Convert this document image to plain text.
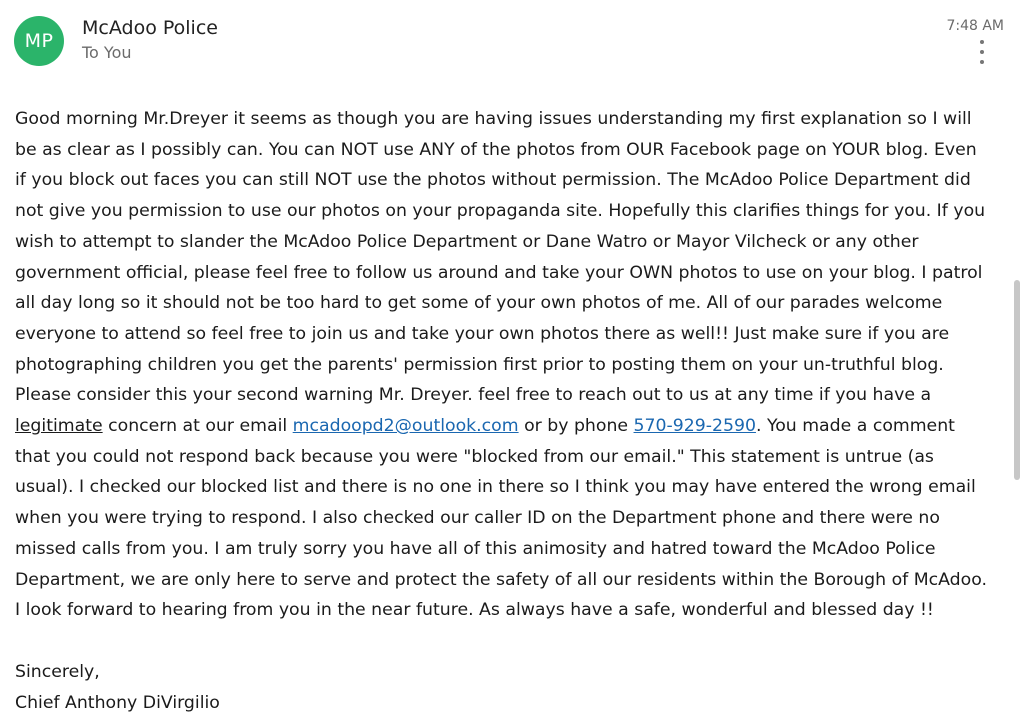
MP
McAdoo Police
To You
7:48 AM
Good morning Mr.Dreyer it seems as though you are having issues understanding my first explanation so I will
be as clear as I possibly can. You can NOT use ANY of the photos from OUR Facebook page on YOUR blog. Even
if you block out faces you can still NOT use the photos without permission. The McAdoo Police Department did
not give you permission to use our photos on your propaganda site. Hopefully this clarifies things for you. If you
wish to attempt to slander the McAdoo Police Department or Dane Watro or Mayor Vilcheck or any other
government official, please feel free to follow us around and take your OWN photos to use on your blog. I patrol
all day long so it should not be too hard to get some of your own photos of me. All of our parades welcome
everyone to attend so feel free to join us and take your own photos there as well!! Just make sure if you are
photographing children you get the parents' permission first prior to posting them on your un-truthful blog.
Please consider this your second warning Mr. Dreyer. feel free to reach out to us at any time if you have a
legitimate concern at our email mcadoopd2@outlook.com or by phone 570-929-2590. You made a comment
that you could not respond back because you were "blocked from our email." This statement is untrue (as
usual). I checked our blocked list and there is no one in there so I think you may have entered the wrong email
when you were trying to respond. I also checked our caller ID on the Department phone and there were no
missed calls from you. I am truly sorry you have all of this animosity and hatred toward the McAdoo Police
Department, we are only here to serve and protect the safety of all our residents within the Borough of McAdoo.
I look forward to hearing from you in the near future. As always have a safe, wonderful and blessed day !!
Sincerely,
Chief Anthony DiVirgilio
